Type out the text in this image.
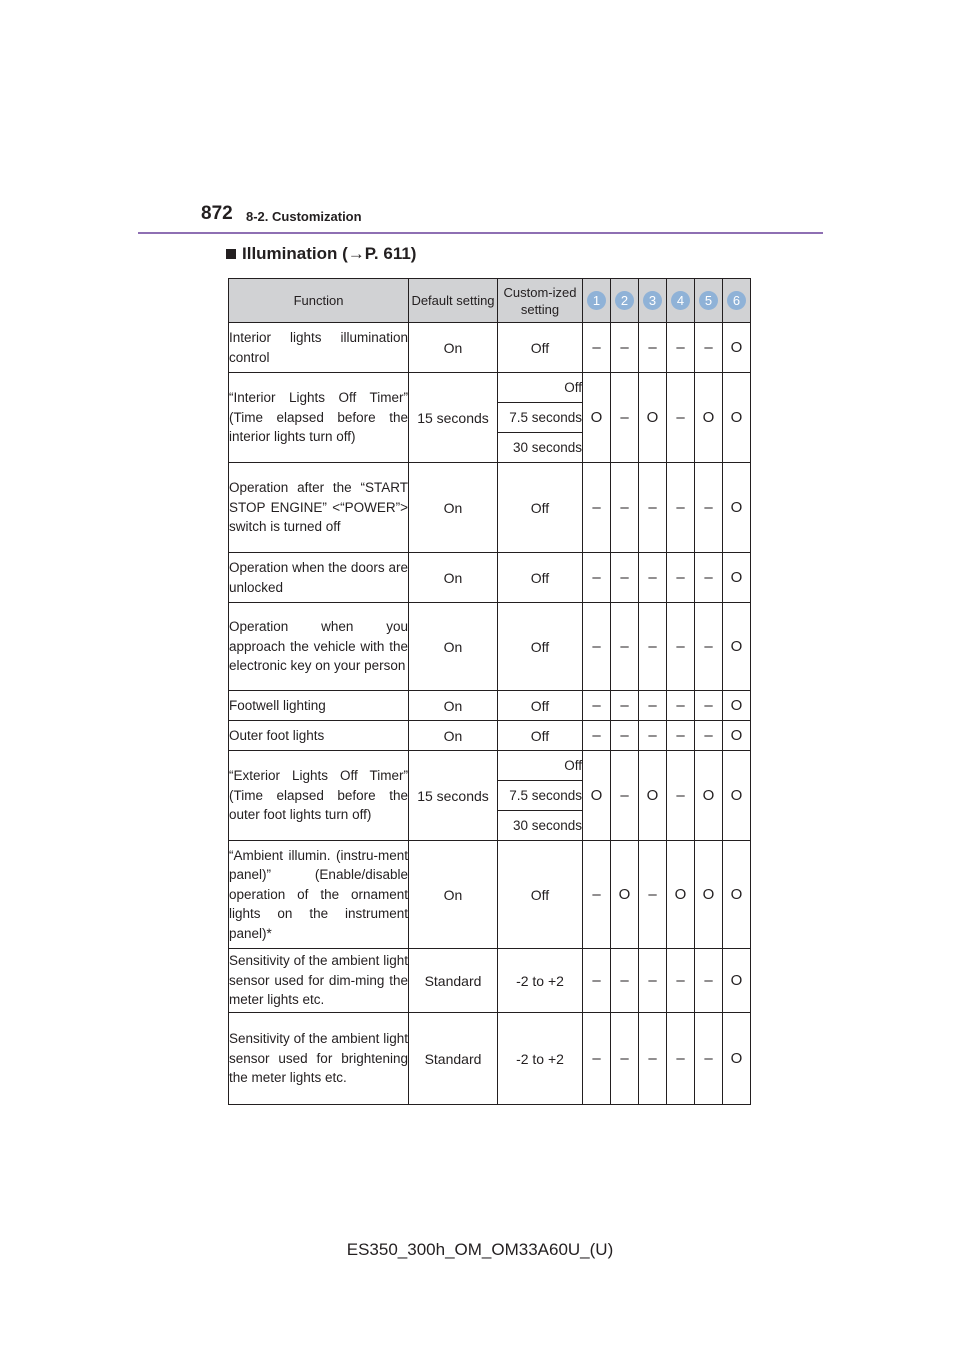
872 8-2. Customization
Illumination (→P. 611)
Function	Default setting	Custom-ized setting	1	2	3	4	5	6
Interior lights illumination control	On	Off	–	–	–	–	–	O
“Interior Lights Off Timer” (Time elapsed before the interior lights turn off)	15 seconds	Off	O	–	O	–	O	O
		7.5 seconds						
		30 seconds						
Operation after the “START STOP ENGINE” <“POWER”> switch is turned off	On	Off	–	–	–	–	–	O
Operation when the doors are unlocked	On	Off	–	–	–	–	–	O
Operation when you approach the vehicle with the electronic key on your person	On	Off	–	–	–	–	–	O
Footwell lighting	On	Off	–	–	–	–	–	O
Outer foot lights	On	Off	–	–	–	–	–	O
“Exterior Lights Off Timer” (Time elapsed before the outer foot lights turn off)	15 seconds	Off	O	–	O	–	O	O
		7.5 seconds						
		30 seconds						
“Ambient illumin. (instru-ment panel)” (Enable/disable operation of the ornament lights on the instrument panel)*	On	Off	–	O	–	O	O	O
Sensitivity of the ambient light sensor used for dim-ming the meter lights etc.	Standard	-2 to +2	–	–	–	–	–	O
Sensitivity of the ambient light sensor used for brightening the meter lights etc.	Standard	-2 to +2	–	–	–	–	–	O
ES350_300h_OM_OM33A60U_(U)
